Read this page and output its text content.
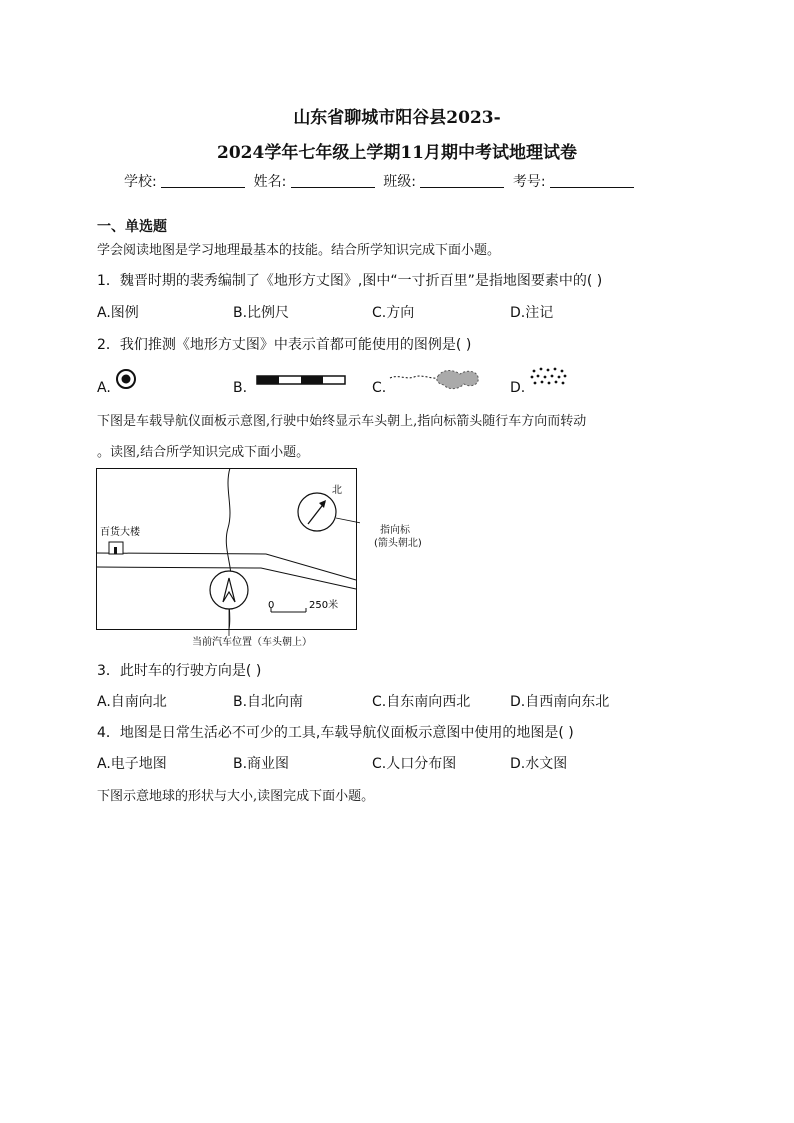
山东省聊城市阳谷县2023-
2024学年七年级上学期11月期中考试地理试卷
学校:	姓名:	班级:	考号:
一、单选题
学会阅读地图是学习地理最基本的技能。结合所学知识完成下面小题。
1．魏晋时期的裴秀编制了《地形方丈图》,图中“一寸折百里”是指地图要素中的( )
A.图例	B.比例尺	C.方向	D.注记
2．我们推测《地形方丈图》中表示首都可能使用的图例是( )
A.	B.	C.	D.
下图是车载导航仪面板示意图,行驶中始终显示车头朝上,指向标箭头随行车方向而转动
。读图,结合所学知识完成下面小题。
百货大楼
北
0	250米
当前汽车位置（车头朝上）
指向标
(箭头朝北)
3．此时车的行驶方向是( )
A.自南向北	B.自北向南	C.自东南向西北	D.自西南向东北
4．地图是日常生活必不可少的工具,车载导航仪面板示意图中使用的地图是( )
A.电子地图	B.商业图	C.人口分布图	D.水文图
下图示意地球的形状与大小,读图完成下面小题。
